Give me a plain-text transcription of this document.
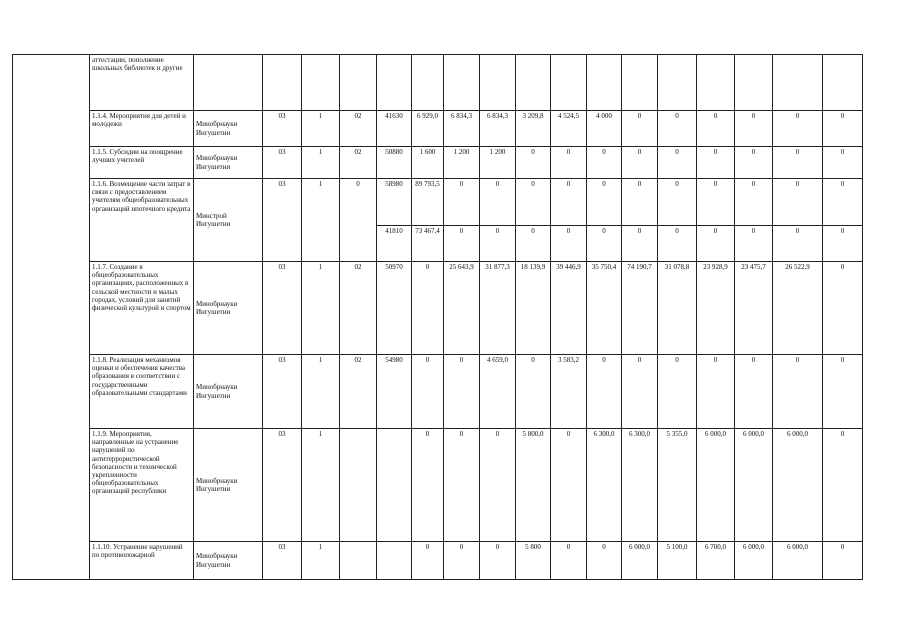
	аттестации, пополнение школьных библиотек и другие																	
	1.1.4. Мероприятия для детей и молодежи	Минобрнауки Ингушетии	03	1	02	41630	6 929,0	6 834,3	6 834,3	3 209,8	4 524,5	4 000	0	0	0	0	0	0
	1.1.5. Субсидии на поощрение лучших учителей	Минобрнауки Ингушетии	03	1	02	50880	1 600	1 200	1 200	0	0	0	0	0	0	0	0	0
	1.1.6. Возмещение части затрат в связи с предоставлением учителям общеобразовательных организаций ипотечного кредита	Минстрой Ингушетии	03	1	0	58980	89 793,5	0	0	0	0	0	0	0	0	0	0	0
						41810	73 467,4	0	0	0	0	0	0	0	0	0	0	0
	1.1.7. Создание в общеобразовательных организациях, расположенных в сельской местности и малых городах, условий для занятий физической культурой и спортом	Минобрнауки Ингушетии	03	1	02	50970	0	25 643,9	31 877,3	18 139,9	39 446,9	35 750,4	74 190,7	31 078,8	23 928,9	23 475,7	26 522,9	0
	1.1.8. Реализация механизмов оценки и обеспечения качества образования в соответствии с государственными образовательными стандартами	Минобрнауки Ингушетии	03	1	02	54980	0	0	4 659,0	0	3 583,2	0	0	0	0	0	0	0
	1.1.9. Мероприятия, направленные на устранение нарушений по антитеррористической безопасности и технической укрепленности общеобразовательных организаций республики	Минобрнауки Ингушетии	03	1			0	0	0	5 800,0	0	6 300,0	6 300,0	5 355,0	6 000,0	6 000,0	6 000,0	0
	1.1.10. Устранение нарушений по противопожарной	Минобрнауки Ингушетии	03	1			0	0	0	5 800	0	0	6 000,0	5 100,0	6 700,0	6 000,0	6 000,0	0
